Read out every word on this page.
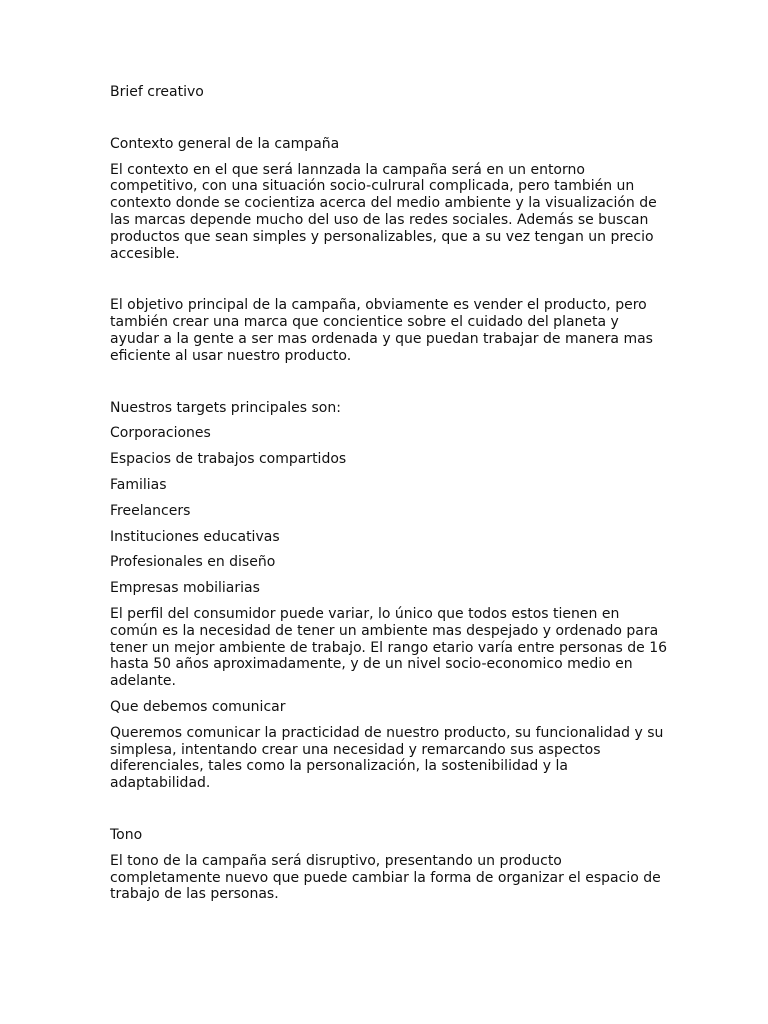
Brief creativo

Contexto general de la campaña

El contexto en el que será lannzada la campaña será en un entorno competitivo, con una situación socio-culrural complicada, pero también un contexto donde se cocientiza acerca del medio ambiente y la visualización de las marcas depende mucho del uso de las redes sociales. Además se buscan productos que sean simples y personalizables, que a su vez tengan un precio accesible.

El objetivo principal de la campaña, obviamente es vender el producto, pero también crear una marca que concientice sobre el cuidado del planeta y ayudar a la gente a ser mas ordenada y que puedan trabajar de manera mas eficiente al usar nuestro producto.

Nuestros targets principales son:

Corporaciones

Espacios de trabajos compartidos

Familias

Freelancers

Instituciones educativas

Profesionales en diseño

Empresas mobiliarias

El perfil del consumidor puede variar, lo único que todos estos tienen en común es la necesidad de tener un ambiente mas despejado y ordenado para tener un mejor ambiente de trabajo. El rango etario varía entre personas de 16 hasta 50 años aproximadamente, y de un nivel socio-economico medio en adelante.

Que debemos comunicar

Queremos comunicar la practicidad de nuestro producto, su funcionalidad y su simplesa, intentando crear una necesidad y remarcando sus aspectos diferenciales, tales como la personalización, la sostenibilidad y la adaptabilidad.

Tono

El tono de la campaña será disruptivo, presentando un producto completamente nuevo que puede cambiar la forma de organizar el espacio de trabajo de las personas.
